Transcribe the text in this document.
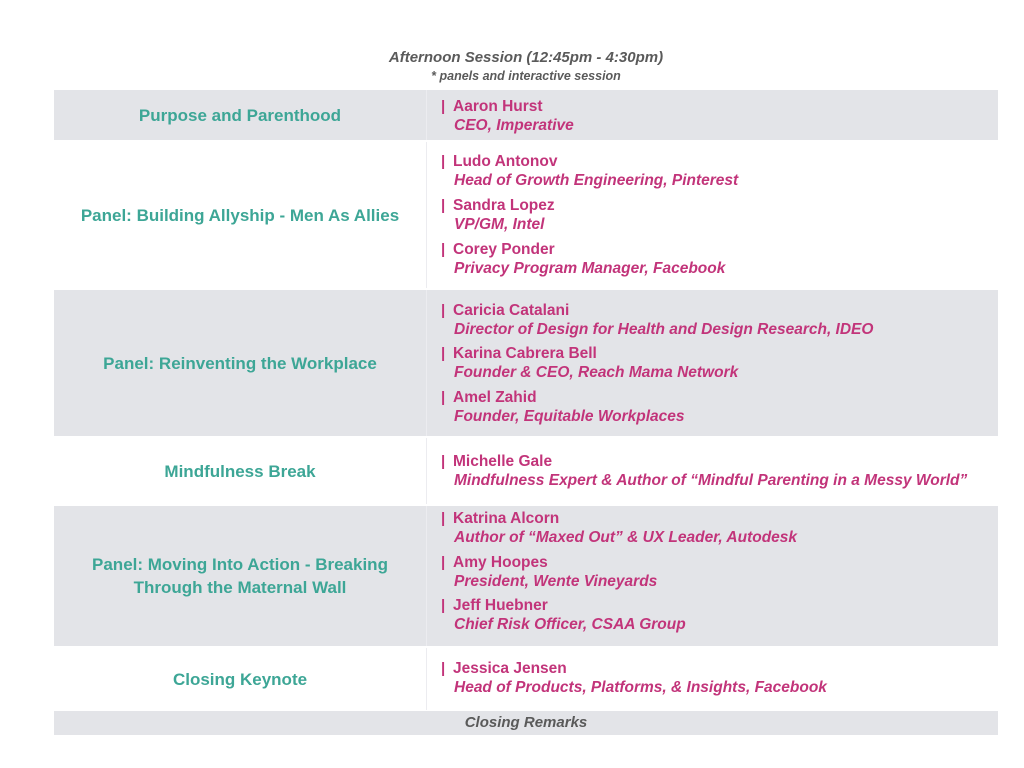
Afternoon Session (12:45pm - 4:30pm)
* panels and interactive session
Purpose and Parenthood	| Aaron Hurst
CEO, Imperative
Panel: Building Allyship - Men As Allies
| Ludo Antonov
Head of Growth Engineering, Pinterest
| Sandra Lopez
VP/GM, Intel
| Corey Ponder
Privacy Program Manager, Facebook
Panel: Reinventing the Workplace
| Caricia Catalani
Director of Design for Health and Design Research, IDEO
| Karina Cabrera Bell
Founder & CEO, Reach Mama Network
| Amel Zahid
Founder, Equitable Workplaces
Mindfulness Break	| Michelle Gale
Mindfulness Expert & Author of “Mindful Parenting in a Messy World”
Panel: Moving Into Action - Breaking
Through the Maternal Wall
| Katrina Alcorn
Author of “Maxed Out” & UX Leader, Autodesk
| Amy Hoopes
President, Wente Vineyards
| Jeff Huebner
Chief Risk Officer, CSAA Group
Closing Keynote
| Jessica Jensen
Head of Products, Platforms, & Insights, Facebook
Closing Remarks
